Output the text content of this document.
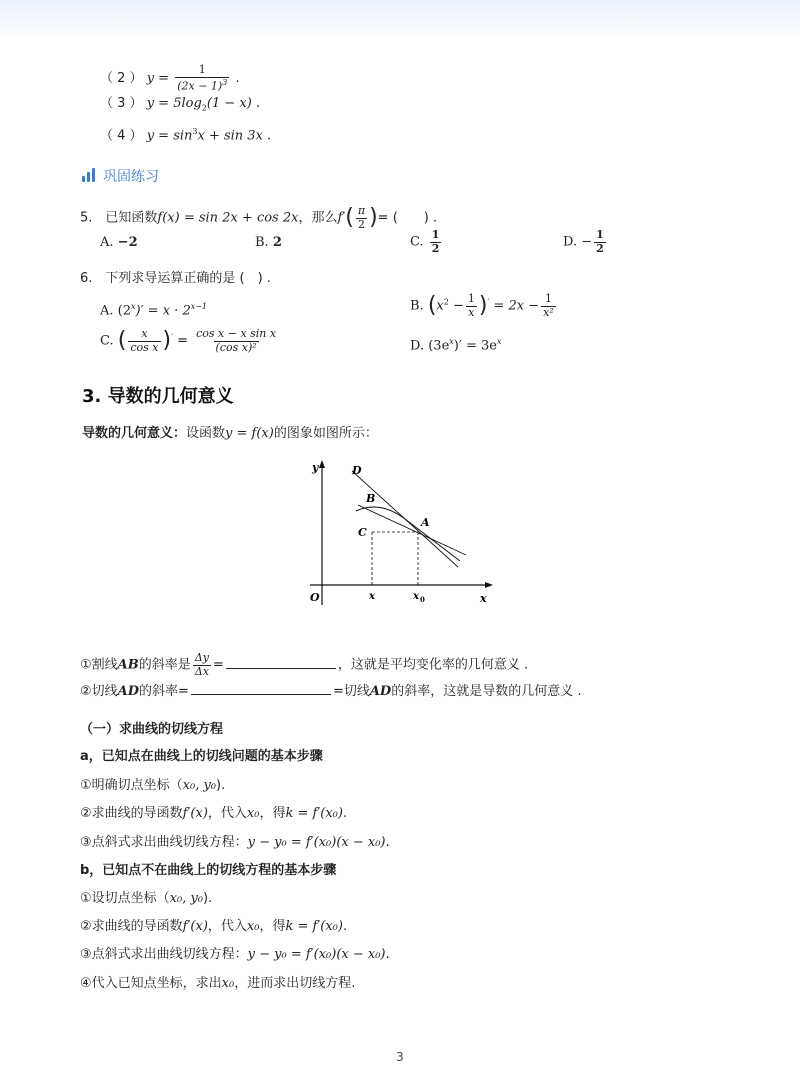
（ 2 ） $y = \frac{1}{(2x - 1)^3}$ .
（ 3 ） $y = 5\log_2(1 - x)$ .
（ 4 ） $y = \sin^3x + \sin 3x$ .
巩固练习
5.　已知函数f(x) = sin 2x + cos 2x，那么$f'( \frac{\pi}{2}$ )= (　　) .
A. −2	B. 2	C. $\frac{1}{2}$	D. − $\frac{1}{2}$
6.　下列求导运算正确的是 (　) .
A. $(2^x)' = x \cdot 2^{x-1}$	B. $(x^2 - \frac{1}{x} )' = 2x - \frac{1}{\text{x²}}$
C. ( $\frac{x}{\text{cos x}} )' = \frac{\text{cos x − x sin x}}{\text{(cos x)²}}$	D. $(3e^x)' = 3e^x$
3. 导数的几何意义
导数的几何意义：设函数y = f(x)的图象如图所示：
y
x
O
D
B
C
A
x	x 0
①割线AB的斜率是 $\frac{\Delta y}{\Delta x}$ =	，这就是平均变化率的几何意义 .
②切线AD的斜率=	=切线AD的斜率，这就是导数的几何意义 .
（一）求曲线的切线方程
a，已知点在曲线上的切线问题的基本步骤
①明确切点坐标（x₀, y₀).
②求曲线的导函数f′(x)，代入x₀，得k = f′(x₀).
③点斜式求出曲线切线方程：y − y₀ = f′(x₀)(x − x₀).
b，已知点不在曲线上的切线方程的基本步骤
①设切点坐标（x₀, y₀).
②求曲线的导函数f′(x)，代入x₀，得k = f′(x₀).
③点斜式求出曲线切线方程：y − y₀ = f′(x₀)(x − x₀).
④代入已知点坐标，求出x₀，进而求出切线方程.
3
